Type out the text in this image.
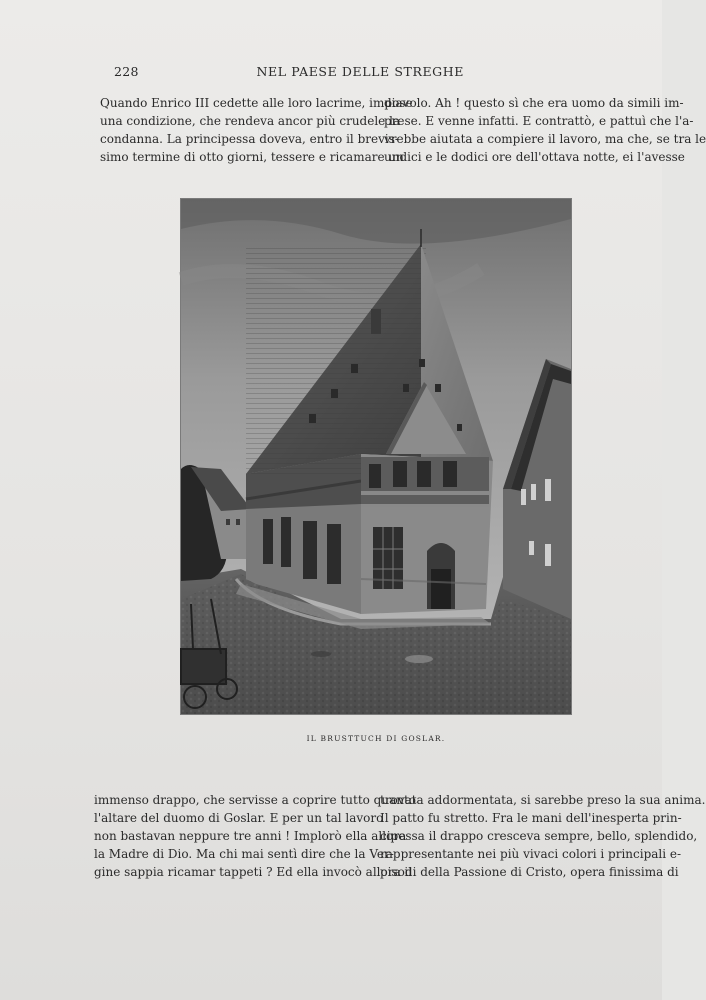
228	NEL PAESE DELLE STREGHE
Quando Enrico III cedette alle loro lacrime, impose
una condizione, che rendeva ancor più crudele la
condanna. La principessa doveva, entro il brevis-
simo termine di otto giorni, tessere e ricamare un
diavolo. Ah ! questo sì che era uomo da simili im-
prese. E venne infatti. E contrattò, e pattuì che l'a-
vrebbe aiutata a compiere il lavoro, ma che, se tra le
undici e le dodici ore dell'ottava notte, ei l'avesse
IL BRUSTTUCH DI GOSLAR.
immenso drappo, che servisse a coprire tutto quanto
l'altare del duomo di Goslar. E per un tal lavoro
non bastavan neppure tre anni ! Implorò ella allora
la Madre di Dio. Ma chi mai sentì dire che la Ver-
gine sappia ricamar tappeti ? Ed ella invocò allora il
trovata addormentata, si sarebbe preso la sua anima.
Il patto fu stretto. Fra le mani dell'inesperta prin-
cipessa il drappo cresceva sempre, bello, splendido,
rappresentante nei più vivaci colori i principali e-
pisodi della Passione di Cristo, opera finissima di
